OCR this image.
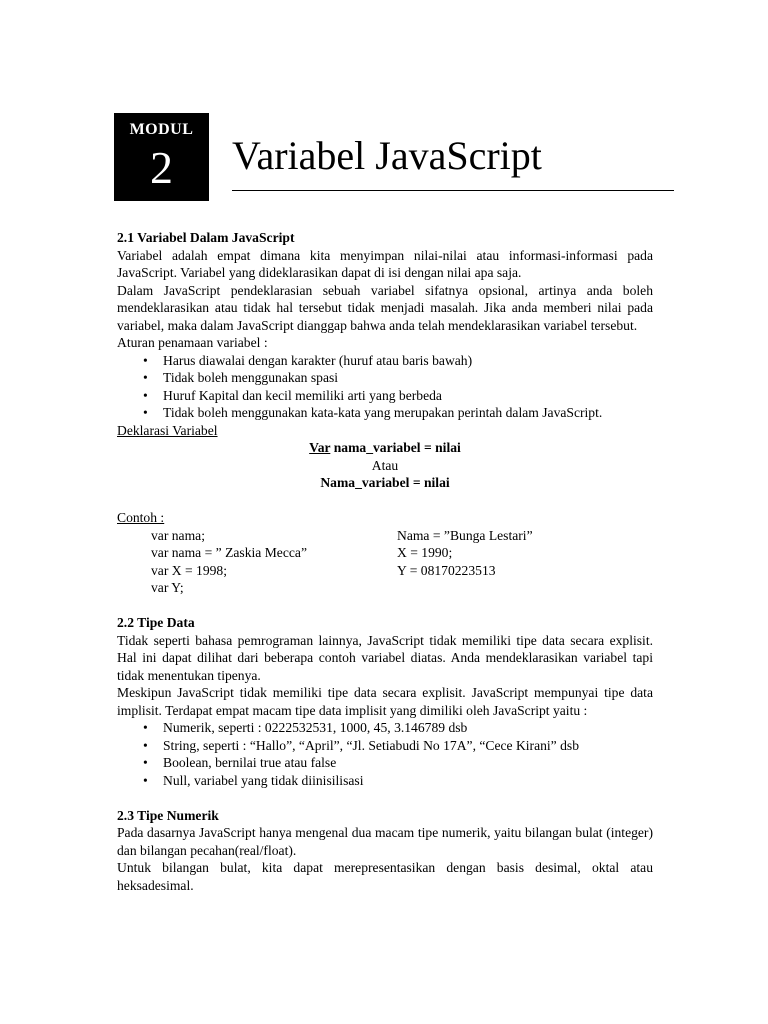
MODUL
2	Variabel JavaScript
2.1 Variabel Dalam JavaScript

Variabel adalah empat dimana kita menyimpan nilai-nilai atau informasi-informasi pada JavaScript. Variabel yang dideklarasikan dapat di isi dengan nilai apa saja.

Dalam JavaScript pendeklarasian sebuah variabel sifatnya opsional, artinya anda boleh mendeklarasikan atau tidak hal tersebut tidak menjadi masalah. Jika anda memberi nilai pada variabel, maka dalam JavaScript dianggap bahwa anda telah mendeklarasikan variabel tersebut.

Aturan penamaan variabel :

• Harus diawalai dengan karakter (huruf atau baris bawah)
• Tidak boleh menggunakan spasi
• Huruf Kapital dan kecil memiliki arti yang berbeda
• Tidak boleh menggunakan kata-kata yang merupakan perintah dalam JavaScript.

Deklarasi Variabel

Var nama_variabel = nilai
Atau
Nama_variabel = nilai

Contoh :

var nama;	Nama = ”Bunga Lestari”
var nama = ” Zaskia Mecca”	X = 1990;
var X = 1998;	Y = 08170223513
var Y;
2.2 Tipe Data

Tidak seperti bahasa pemrograman lainnya, JavaScript tidak memiliki tipe data secara explisit. Hal ini dapat dilihat dari beberapa contoh variabel diatas. Anda mendeklarasikan variabel tapi tidak menentukan tipenya.

Meskipun JavaScript tidak memiliki tipe data secara explisit. JavaScript mempunyai tipe data implisit. Terdapat empat macam tipe data implisit yang dimiliki oleh JavaScript yaitu :

• Numerik, seperti : 0222532531, 1000, 45, 3.146789 dsb
• String, seperti : “Hallo”, “April”, “Jl. Setiabudi No 17A”, “Cece Kirani” dsb
• Boolean, bernilai true atau false
• Null, variabel yang tidak diinisilisasi
2.3 Tipe Numerik

Pada dasarnya JavaScript hanya mengenal dua macam tipe numerik, yaitu bilangan bulat (integer) dan bilangan pecahan(real/float).

Untuk bilangan bulat, kita dapat merepresentasikan dengan basis desimal, oktal atau heksadesimal.
